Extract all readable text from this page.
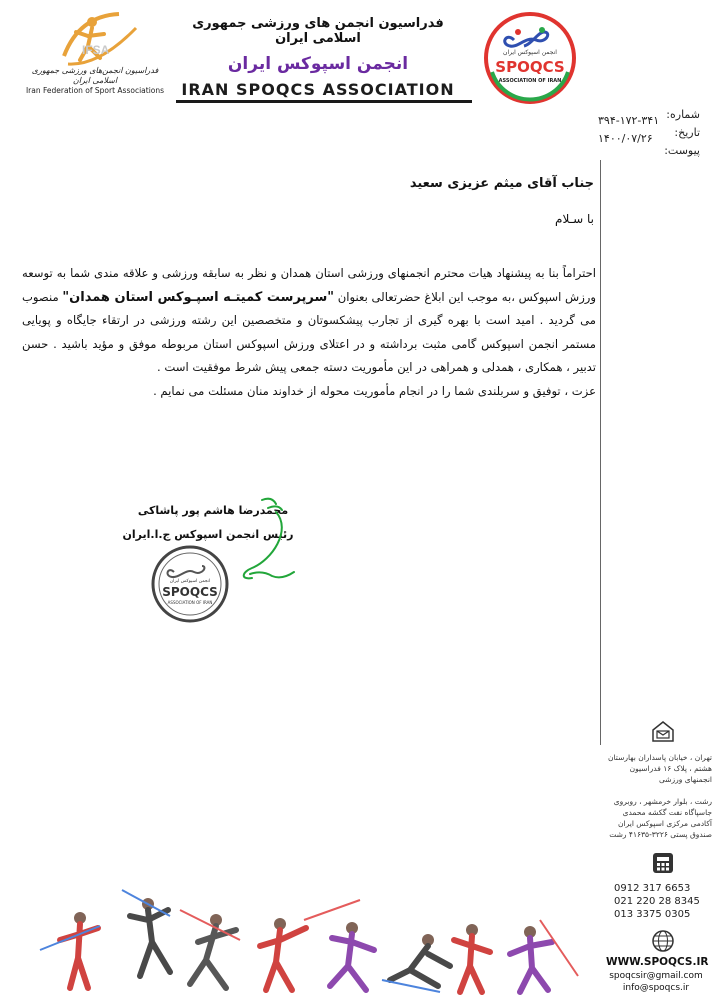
IFSA
فدراسیون انجمن‌های ورزشی جمهوری اسلامی ایران
Iran Federation of Sport Associations
فدراسیون انجمن های ورزشی جمهوری اسلامی ایران
انجمن اسپوکس ایران
IRAN SPOQCS ASSOCIATION
انجمن اسپوکس ایران
SPOQCS
ASSOCIATION OF IRAN
شماره:
تاریخ:
پیوست:
۳۹۴-۱۷۲-۳۴۱
۱۴۰۰/۰۷/۲۶
جناب آقای میثم عزیزی سعید
با سـلام
احتراماً بنا به پیشنهاد هیات محترم انجمنهای ورزشی استان همدان و نظر به سابقه ورزشی و علاقه مندی شما به توسعه ورزش اسپوکس ،به موجب این ابلاغ حضرتعالی بعنوان "سرپرست کمیتـه اسپـوکس استان همدان" منصوب می گردید . امید است با بهره گیری از تجارب پیشکسوتان و متخصصین این رشته ورزشی در ارتقاء جایگاه و پویایی مستمر انجمن اسپوکس گامی مثبت برداشته و در اعتلای ورزش اسپوکس استان مربوطه موفق و مؤید باشید . حسن تدبیر ، همکاری ، همدلی و همراهی در این مأموریت دسته جمعی پیش شرط موفقیت است .
عزت ، توفیق و سربلندی شما را در انجام مأموریت محوله از خداوند منان مسئلت می نمایم .
محمدرضا هاشم پور پاشاکی
رئیس انجمن اسپوکس ج.ا.ایران
انجمن اسپوکس ایران
SPOQCS
ASSOCIATION OF IRAN
تهران ، خیابان پاسداران بهارستان هشتم ، پلاک ۱۶ فدراسیون انجمنهای ورزشی
رشت ، بلوار خرمشهر ، روبروی جاسپاگاه نفت گکشه محمدی آکادمی مرکزی اسپوکس ایران
صندوق پستی ۳۲۲۶-۴۱۶۳۵ رشت
0912 317 6653
021 220 28 8345
013 3375 0305
WWW.SPOQCS.IR
spoqcsir@gmail.com
info@spoqcs.ir
